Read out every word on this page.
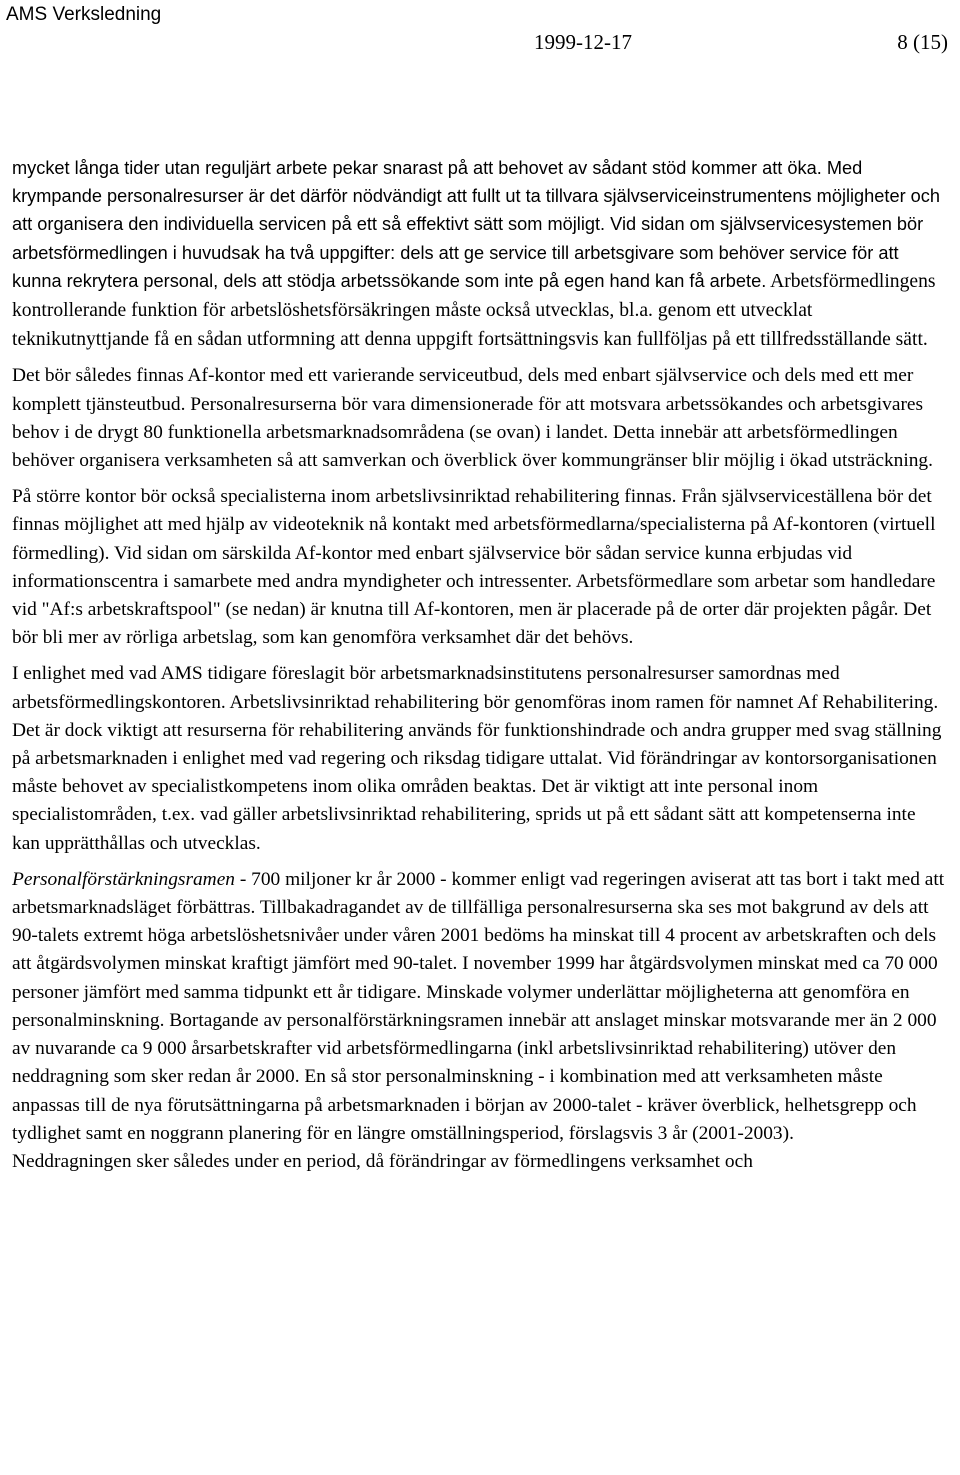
AMS Verksledning
1999-12-17	8 (15)

mycket långa tider utan reguljärt arbete pekar snarast på att behovet av sådant stöd kommer att öka. Med krympande personalresurser är det därför nödvändigt att fullt ut ta tillvara självserviceinstrumentens möjligheter och att organisera den individuella servicen på ett så effektivt sätt som möjligt. Vid sidan om självservicesystemen bör arbetsförmedlingen i huvudsak ha två uppgifter: dels att ge service till arbetsgivare som behöver service för att kunna rekrytera personal, dels att stödja arbetssökande som inte på egen hand kan få arbete. Arbetsförmedlingens kontrollerande funktion för arbetslöshetsförsäkringen måste också utvecklas, bl.a. genom ett utvecklat teknikutnyttjande få en sådan utformning att denna uppgift fortsättningsvis kan fullföljas på ett tillfredsställande sätt.

Det bör således finnas Af-kontor med ett varierande serviceutbud, dels med enbart självservice och dels med ett mer komplett tjänsteutbud. Personalresurserna bör vara dimensionerade för att motsvara arbetssökandes och arbetsgivares behov i de drygt 80 funktionella arbetsmarknadsområdena (se ovan) i landet. Detta innebär att arbetsförmedlingen behöver organisera verksamheten så att samverkan och överblick över kommungränser blir möjlig i ökad utsträckning.

På större kontor bör också specialisterna inom arbetslivsinriktad rehabilitering finnas. Från självserviceställena bör det finnas möjlighet att med hjälp av videoteknik nå kontakt med arbetsförmedlarna/specialisterna på Af-kontoren (virtuell förmedling). Vid sidan om särskilda Af-kontor med enbart självservice bör sådan service kunna erbjudas vid informationscentra i samarbete med andra myndigheter och intressenter. Arbetsförmedlare som arbetar som handledare vid "Af:s arbetskraftspool" (se nedan) är knutna till Af-kontoren, men är placerade på de orter där projekten pågår. Det bör bli mer av rörliga arbetslag, som kan genomföra verksamhet där det behövs.

I enlighet med vad AMS tidigare föreslagit bör arbetsmarknadsinstitutens personalresurser samordnas med arbetsförmedlingskontoren. Arbetslivsinriktad rehabilitering bör genomföras inom ramen för namnet Af Rehabilitering. Det är dock viktigt att resurserna för rehabilitering används för funktionshindrade och andra grupper med svag ställning på arbetsmarknaden i enlighet med vad regering och riksdag tidigare uttalat. Vid förändringar av kontorsorganisationen måste behovet av specialistkompetens inom olika områden beaktas. Det är viktigt att inte personal inom specialistområden, t.ex. vad gäller arbetslivsinriktad rehabilitering, sprids ut på ett sådant sätt att kompetenserna inte kan upprätthållas och utvecklas.

Personalförstärkningsramen - 700 miljoner kr år 2000 - kommer enligt vad regeringen aviserat att tas bort i takt med att arbetsmarknadsläget förbättras. Tillbakadragandet av de tillfälliga personalresurserna ska ses mot bakgrund av dels att 90-talets extremt höga arbetslöshetsnivåer under våren 2001 bedöms ha minskat till 4 procent av arbetskraften och dels att åtgärdsvolymen minskat kraftigt jämfört med 90-talet. I november 1999 har åtgärdsvolymen minskat med ca 70 000 personer jämfört med samma tidpunkt ett år tidigare. Minskade volymer underlättar möjligheterna att genomföra en personalminskning. Bortagande av personalförstärkningsramen innebär att anslaget minskar motsvarande mer än 2 000 av nuvarande ca 9 000 årsarbetskrafter vid arbetsförmedlingarna (inkl arbetslivsinriktad rehabilitering) utöver den neddragning som sker redan år 2000. En så stor personalminskning - i kombination med att verksamheten måste anpassas till de nya förutsättningarna på arbetsmarknaden i början av 2000-talet - kräver överblick, helhetsgrepp och tydlighet samt en noggrann planering för en längre omställningsperiod, förslagsvis 3 år (2001-2003).

Neddragningen sker således under en period, då förändringar av förmedlingens verksamhet och
